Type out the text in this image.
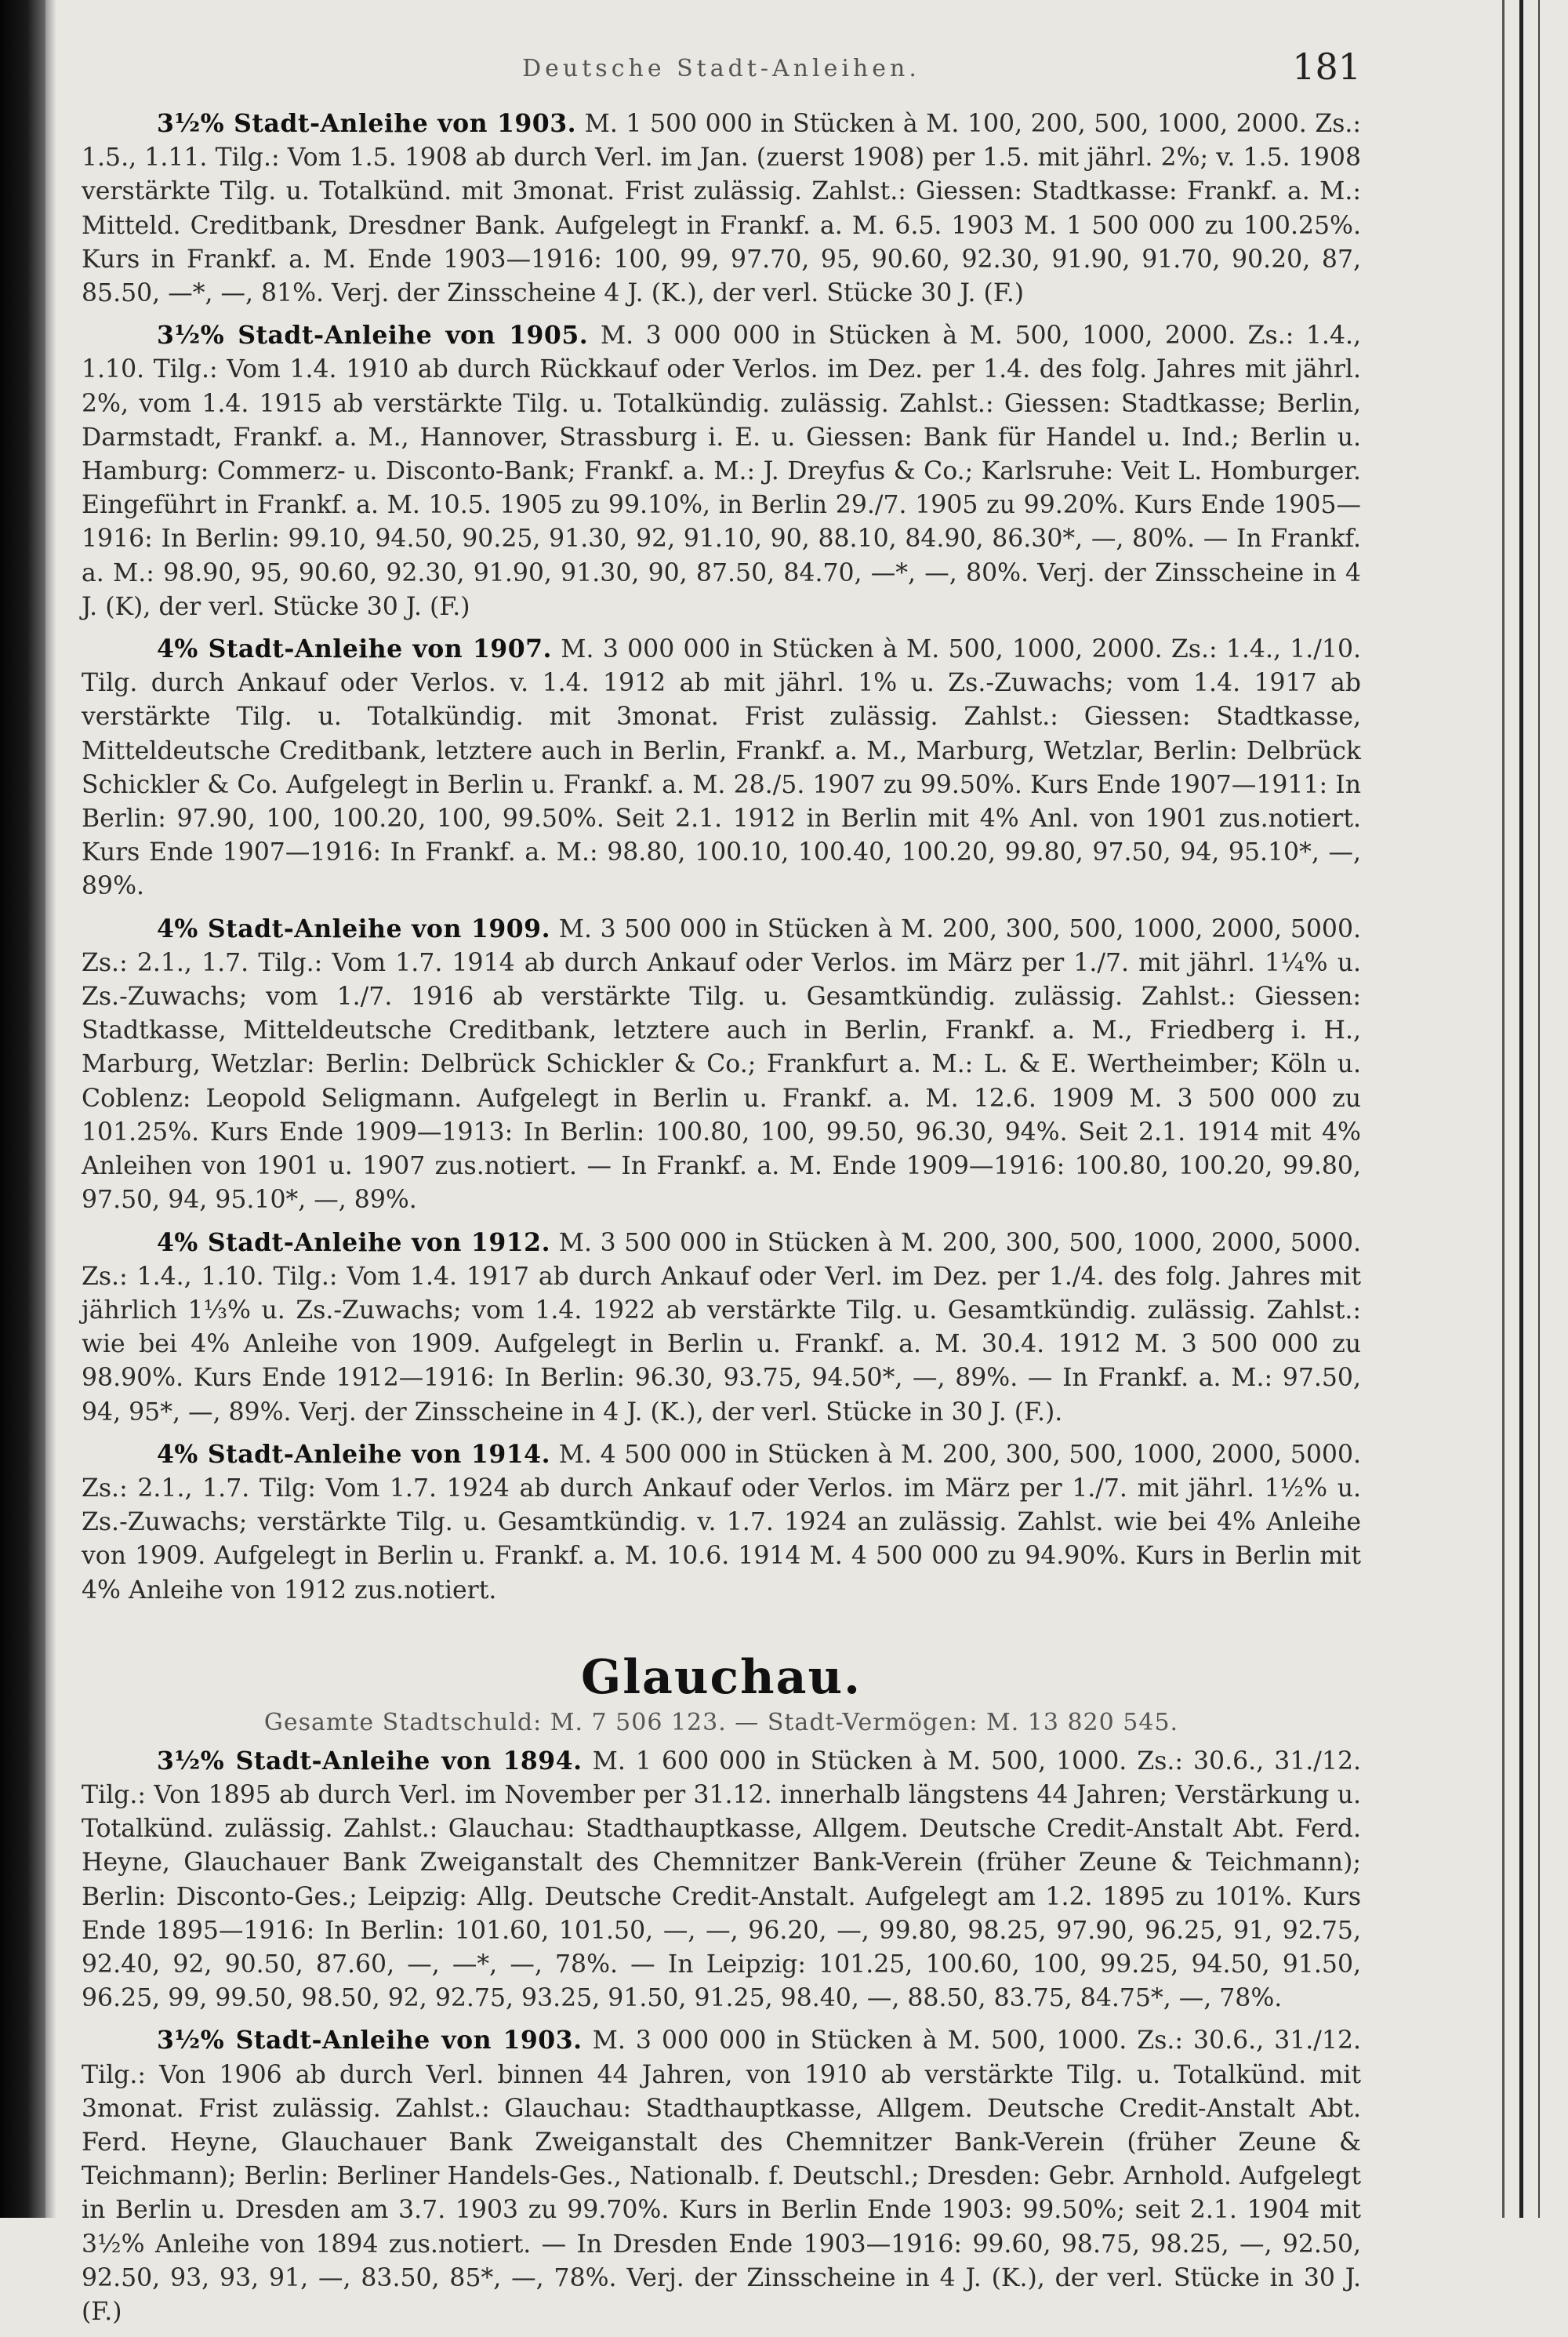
Deutsche Stadt-Anleihen.	181

3½% Stadt-Anleihe von 1903. M. 1 500 000 in Stücken à M. 100, 200, 500, 1000, 2000. Zs.: 1.5., 1.11. Tilg.: Vom 1.5. 1908 ab durch Verl. im Jan. (zuerst 1908) per 1.5. mit jährl. 2%; v. 1.5. 1908 verstärkte Tilg. u. Totalkünd. mit 3monat. Frist zulässig. Zahlst.: Giessen: Stadtkasse: Frankf. a. M.: Mitteld. Creditbank, Dresdner Bank. Aufgelegt in Frankf. a. M. 6.5. 1903 M. 1 500 000 zu 100.25%. Kurs in Frankf. a. M. Ende 1903—1916: 100, 99, 97.70, 95, 90.60, 92.30, 91.90, 91.70, 90.20, 87, 85.50, —*, —, 81%. Verj. der Zinsscheine 4 J. (K.), der verl. Stücke 30 J. (F.)

3½% Stadt-Anleihe von 1905. M. 3 000 000 in Stücken à M. 500, 1000, 2000. Zs.: 1.4., 1.10. Tilg.: Vom 1.4. 1910 ab durch Rückkauf oder Verlos. im Dez. per 1.4. des folg. Jahres mit jährl. 2%, vom 1.4. 1915 ab verstärkte Tilg. u. Totalkündig. zulässig. Zahlst.: Giessen: Stadtkasse; Berlin, Darmstadt, Frankf. a. M., Hannover, Strassburg i. E. u. Giessen: Bank für Handel u. Ind.; Berlin u. Hamburg: Commerz- u. Disconto-Bank; Frankf. a. M.: J. Dreyfus & Co.; Karlsruhe: Veit L. Homburger. Eingeführt in Frankf. a. M. 10.5. 1905 zu 99.10%, in Berlin 29./7. 1905 zu 99.20%. Kurs Ende 1905—1916: In Berlin: 99.10, 94.50, 90.25, 91.30, 92, 91.10, 90, 88.10, 84.90, 86.30*, —, 80%. — In Frankf. a. M.: 98.90, 95, 90.60, 92.30, 91.90, 91.30, 90, 87.50, 84.70, —*, —, 80%. Verj. der Zinsscheine in 4 J. (K), der verl. Stücke 30 J. (F.)

4% Stadt-Anleihe von 1907. M. 3 000 000 in Stücken à M. 500, 1000, 2000. Zs.: 1.4., 1./10. Tilg. durch Ankauf oder Verlos. v. 1.4. 1912 ab mit jährl. 1% u. Zs.-Zuwachs; vom 1.4. 1917 ab verstärkte Tilg. u. Totalkündig. mit 3monat. Frist zulässig. Zahlst.: Giessen: Stadtkasse, Mitteldeutsche Creditbank, letztere auch in Berlin, Frankf. a. M., Marburg, Wetzlar, Berlin: Delbrück Schickler & Co. Aufgelegt in Berlin u. Frankf. a. M. 28./5. 1907 zu 99.50%. Kurs Ende 1907—1911: In Berlin: 97.90, 100, 100.20, 100, 99.50%. Seit 2.1. 1912 in Berlin mit 4% Anl. von 1901 zus.notiert. Kurs Ende 1907—1916: In Frankf. a. M.: 98.80, 100.10, 100.40, 100.20, 99.80, 97.50, 94, 95.10*, —, 89%.

4% Stadt-Anleihe von 1909. M. 3 500 000 in Stücken à M. 200, 300, 500, 1000, 2000, 5000. Zs.: 2.1., 1.7. Tilg.: Vom 1.7. 1914 ab durch Ankauf oder Verlos. im März per 1./7. mit jährl. 1¼% u. Zs.-Zuwachs; vom 1./7. 1916 ab verstärkte Tilg. u. Gesamtkündig. zulässig. Zahlst.: Giessen: Stadtkasse, Mitteldeutsche Creditbank, letztere auch in Berlin, Frankf. a. M., Friedberg i. H., Marburg, Wetzlar: Berlin: Delbrück Schickler & Co.; Frankfurt a. M.: L. & E. Wertheimber; Köln u. Coblenz: Leopold Seligmann. Aufgelegt in Berlin u. Frankf. a. M. 12.6. 1909 M. 3 500 000 zu 101.25%. Kurs Ende 1909—1913: In Berlin: 100.80, 100, 99.50, 96.30, 94%. Seit 2.1. 1914 mit 4% Anleihen von 1901 u. 1907 zus.notiert. — In Frankf. a. M. Ende 1909—1916: 100.80, 100.20, 99.80, 97.50, 94, 95.10*, —, 89%.

4% Stadt-Anleihe von 1912. M. 3 500 000 in Stücken à M. 200, 300, 500, 1000, 2000, 5000. Zs.: 1.4., 1.10. Tilg.: Vom 1.4. 1917 ab durch Ankauf oder Verl. im Dez. per 1./4. des folg. Jahres mit jährlich 1⅓% u. Zs.-Zuwachs; vom 1.4. 1922 ab verstärkte Tilg. u. Gesamtkündig. zulässig. Zahlst.: wie bei 4% Anleihe von 1909. Aufgelegt in Berlin u. Frankf. a. M. 30.4. 1912 M. 3 500 000 zu 98.90%. Kurs Ende 1912—1916: In Berlin: 96.30, 93.75, 94.50*, —, 89%. — In Frankf. a. M.: 97.50, 94, 95*, —, 89%. Verj. der Zinsscheine in 4 J. (K.), der verl. Stücke in 30 J. (F.).

4% Stadt-Anleihe von 1914. M. 4 500 000 in Stücken à M. 200, 300, 500, 1000, 2000, 5000. Zs.: 2.1., 1.7. Tilg: Vom 1.7. 1924 ab durch Ankauf oder Verlos. im März per 1./7. mit jährl. 1½% u. Zs.-Zuwachs; verstärkte Tilg. u. Gesamtkündig. v. 1.7. 1924 an zulässig. Zahlst. wie bei 4% Anleihe von 1909. Aufgelegt in Berlin u. Frankf. a. M. 10.6. 1914 M. 4 500 000 zu 94.90%. Kurs in Berlin mit 4% Anleihe von 1912 zus.notiert.

Glauchau.
Gesamte Stadtschuld: M. 7 506 123. — Stadt-Vermögen: M. 13 820 545.

3½% Stadt-Anleihe von 1894. M. 1 600 000 in Stücken à M. 500, 1000. Zs.: 30.6., 31./12. Tilg.: Von 1895 ab durch Verl. im November per 31.12. innerhalb längstens 44 Jahren; Verstärkung u. Totalkünd. zulässig. Zahlst.: Glauchau: Stadthauptkasse, Allgem. Deutsche Credit-Anstalt Abt. Ferd. Heyne, Glauchauer Bank Zweiganstalt des Chemnitzer Bank-Verein (früher Zeune & Teichmann); Berlin: Disconto-Ges.; Leipzig: Allg. Deutsche Credit-Anstalt. Aufgelegt am 1.2. 1895 zu 101%. Kurs Ende 1895—1916: In Berlin: 101.60, 101.50, —, —, 96.20, —, 99.80, 98.25, 97.90, 96.25, 91, 92.75, 92.40, 92, 90.50, 87.60, —, —*, —, 78%. — In Leipzig: 101.25, 100.60, 100, 99.25, 94.50, 91.50, 96.25, 99, 99.50, 98.50, 92, 92.75, 93.25, 91.50, 91.25, 98.40, —, 88.50, 83.75, 84.75*, —, 78%.

3½% Stadt-Anleihe von 1903. M. 3 000 000 in Stücken à M. 500, 1000. Zs.: 30.6., 31./12. Tilg.: Von 1906 ab durch Verl. binnen 44 Jahren, von 1910 ab verstärkte Tilg. u. Totalkünd. mit 3monat. Frist zulässig. Zahlst.: Glauchau: Stadthauptkasse, Allgem. Deutsche Credit-Anstalt Abt. Ferd. Heyne, Glauchauer Bank Zweiganstalt des Chemnitzer Bank-Verein (früher Zeune & Teichmann); Berlin: Berliner Handels-Ges., Nationalb. f. Deutschl.; Dresden: Gebr. Arnhold. Aufgelegt in Berlin u. Dresden am 3.7. 1903 zu 99.70%. Kurs in Berlin Ende 1903: 99.50%; seit 2.1. 1904 mit 3½% Anleihe von 1894 zus.notiert. — In Dresden Ende 1903—1916: 99.60, 98.75, 98.25, —, 92.50, 92.50, 93, 93, 91, —, 83.50, 85*, —, 78%. Verj. der Zinsscheine in 4 J. (K.), der verl. Stücke in 30 J. (F.)
